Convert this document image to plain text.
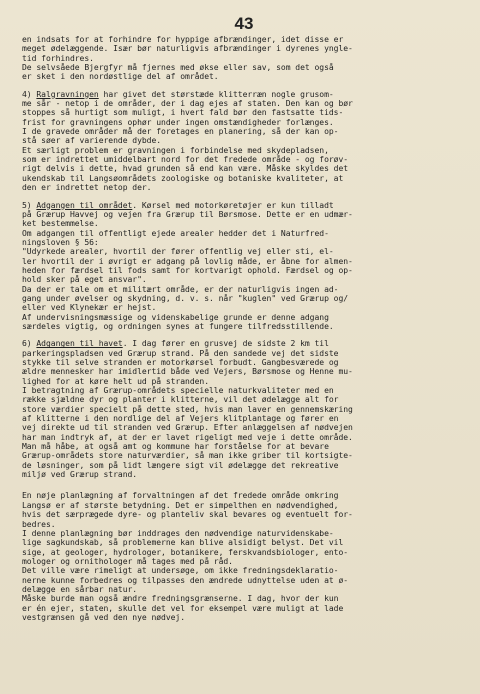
43

en indsats for at forhindre for hyppige afbrændinger, idet disse er

meget ødelæggende. Især bør naturligvis afbrændinger i dyrenes yngle-

tid forhindres.

De selvsåede Bjergfyr må fjernes med økse eller sav, som det også

er sket i den nordøstlige del af området.

4) Ralgravningen har givet det størstæde klitterræn nogle grusom-

me sår - netop i de områder, der i dag ejes af staten. Den kan og bør

stoppes så hurtigt som muligt, i hvert fald bør den fastsatte tids-

frist for gravningens ophør under ingen omstændigheder forlænges.

I de gravede områder må der foretages en planering, så der kan op-

stå søer af varierende dybde.

Et særligt problem er gravningen i forbindelse med skydepladsen,

som er indrettet umiddelbart nord for det fredede område - og forøv-

rigt delvis i dette, hvad grunden så end kan være. Måske skyldes det

ukendskab til Langsøområdets zoologiske og botaniske kvaliteter, at

den er indrettet netop der.

5) Adgangen til området. Kørsel med motorkøretøjer er kun tilladt

på Grærup Havvej og vejen fra Grærup til Børsmose. Dette er en udmær-

ket bestemmelse.

Om adgangen til offentligt ejede arealer hedder det i Naturfred-

ningsloven § 56:

"Udyrkede arealer, hvortil der fører offentlig vej eller sti, el-

ler hvortil der i øvrigt er adgang på lovlig måde, er åbne for almen-

heden for færdsel til fods samt for kortvarigt ophold. Færdsel og op-

hold sker på eget ansvar".

Da der er tale om et militært område, er der naturligvis ingen ad-

gang under øvelser og skydning, d. v. s. når "kuglen" ved Grærup og/

eller ved Klynekær er hejst.

Af undervisningsmæssige og videnskabelige grunde er denne adgang

særdeles vigtig, og ordningen synes at fungere tilfredsstillende.

6) Adgangen til havet. I dag fører en grusvej de sidste 2 km til

parkeringspladsen ved Grærup strand. På den sandede vej det sidste

stykke til selve stranden er motorkørsel forbudt. Gangbesværede og

ældre mennesker har imidlertid både ved Vejers, Børsmose og Henne mu-

lighed for at køre helt ud på stranden.

I betragtning af Grærup-områdets specielle naturkvaliteter med en

række sjældne dyr og planter i klitterne, vil det ødelægge alt for

store værdier specielt på dette sted, hvis man laver en gennemskæring

af klitterne i den nordlige del af Vejers klitplantage og fører en

vej direkte ud til stranden ved Grærup. Efter anlæggelsen af nødvejen

har man indtryk af, at der er lavet rigeligt med veje i dette område.

Man må håbe, at også amt og kommune har forståelse for at bevare

Grærup-områdets store naturværdier, så man ikke griber til kortsigte-

de løsninger, som på lidt længere sigt vil ødelægge det rekreative

miljø ved Grærup strand.

En nøje planlægning af forvaltningen af det fredede område omkring

Langsø er af største betydning. Det er simpelthen en nødvendighed,

hvis det særprægede dyre- og planteliv skal bevares og eventuelt for-

bedres.

I denne planlægning bør inddrages den nødvendige naturvidenskabe-

lige sagkundskab, så problemerne kan blive alsidigt belyst. Det vil

sige, at geologer, hydrologer, botanikere, ferskvandsbiologer, ento-

mologer og ornithologer må tages med på råd.

Det ville være rimeligt at undersøge, om ikke fredningsdeklaratio-

nerne kunne forbedres og tilpasses den ændrede udnyttelse uden at ø-

delægge en sårbar natur.

Måske burde man også ændre fredningsgrænserne. I dag, hvor der kun

er én ejer, staten, skulle det vel for eksempel være muligt at lade

vestgrænsen gå ved den nye nødvej.
